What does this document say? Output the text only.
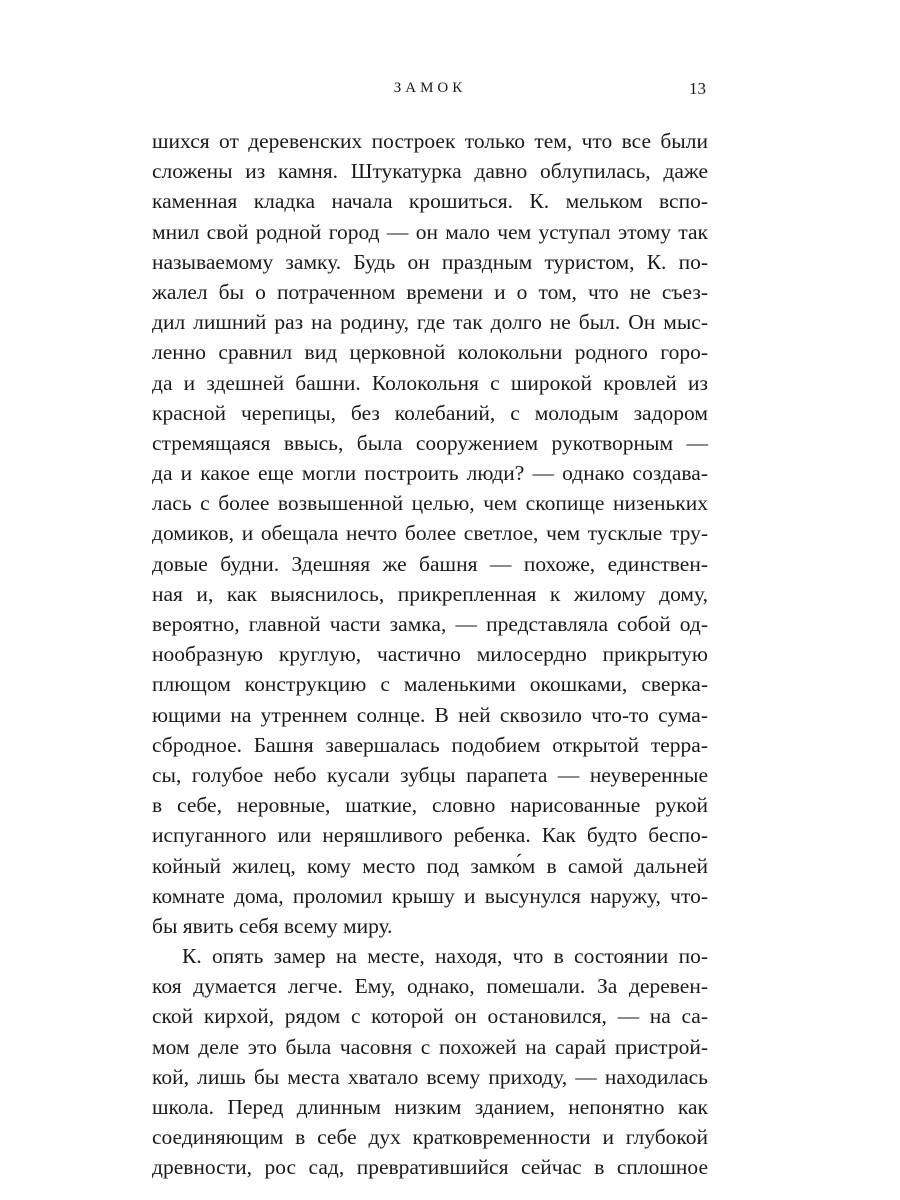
ЗАМОК	13
шихся от деревенских построек только тем, что все были
сложены из камня. Штукатурка давно облупилась, даже
каменная кладка начала крошиться. К. мельком вспо-
мнил свой родной город — он мало чем уступал этому так
называемому замку. Будь он праздным туристом, К. по-
жалел бы о потраченном времени и о том, что не съез-
дил лишний раз на родину, где так долго не был. Он мыс-
ленно сравнил вид церковной колокольни родного горо-
да и здешней башни. Колокольня с широкой кровлей из
красной черепицы, без колебаний, с молодым задором
стремящаяся ввысь, была сооружением рукотворным —
да и какое еще могли построить люди? — однако создава-
лась с более возвышенной целью, чем скопище низеньких
домиков, и обещала нечто более светлое, чем тусклые тру-
довые будни. Здешняя же башня — похоже, единствен-
ная и, как выяснилось, прикрепленная к жилому дому,
вероятно, главной части замка, — представляла собой од-
нообразную круглую, частично милосердно прикрытую
плющом конструкцию с маленькими окошками, сверка-
ющими на утреннем солнце. В ней сквозило что-то сума-
сбродное. Башня завершалась подобием открытой терра-
сы, голубое небо кусали зубцы парапета — неуверенные
в себе, неровные, шаткие, словно нарисованные рукой
испуганного или неряшливого ребенка. Как будто беспо-
койный жилец, кому место под замко́м в самой дальней
комнате дома, проломил крышу и высунулся наружу, что-
бы явить себя всему миру.
К. опять замер на месте, находя, что в состоянии по-
коя думается легче. Ему, однако, помешали. За деревен-
ской кирхой, рядом с которой он остановился, — на са-
мом деле это была часовня с похожей на сарай пристрой-
кой, лишь бы места хватало всему приходу, — находилась
школа. Перед длинным низким зданием, непонятно как
соединяющим в себе дух кратковременности и глубокой
древности, рос сад, превратившийся сейчас в сплошное
